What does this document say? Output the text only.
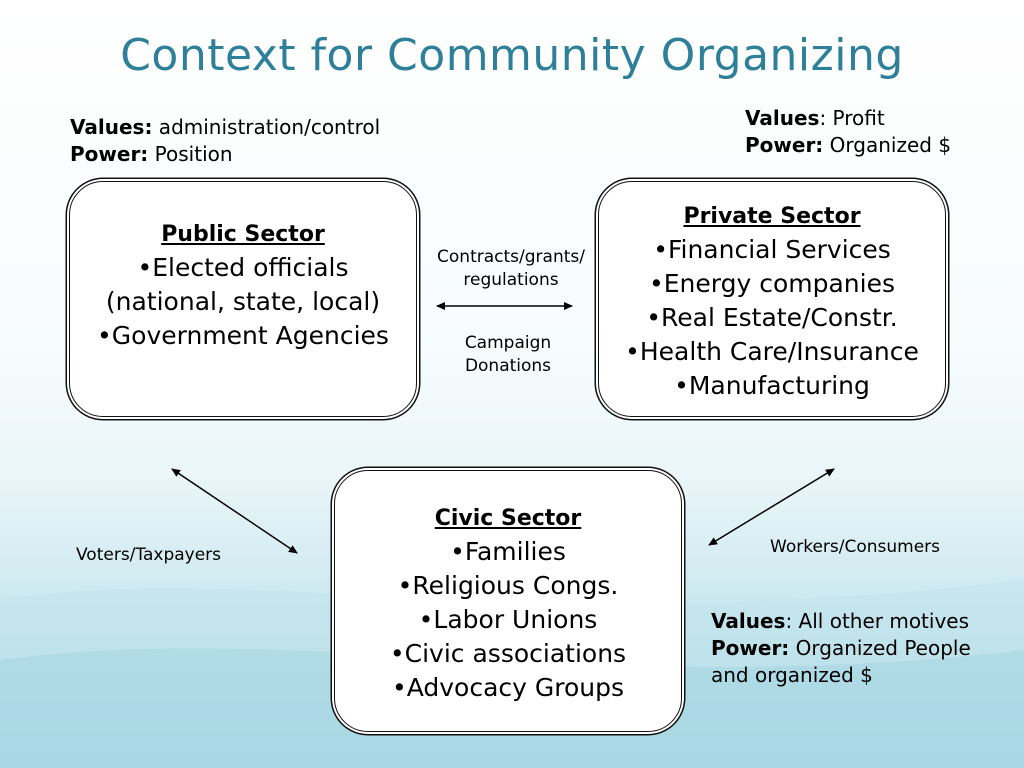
Context for Community Organizing
Values: administration/control
Power: Position
Values: Profit
Power: Organized $
Values: All other motives
Power: Organized People
and organized $
Public Sector
•Elected officials
(national, state, local)
•Government Agencies
Private Sector
•Financial Services
•Energy companies
•Real Estate/Constr.
•Health Care/Insurance
•Manufacturing
Civic Sector
•Families
•Religious Congs.
•Labor Unions
•Civic associations
•Advocacy Groups
Contracts/grants/
regulations
Campaign
Donations
Voters/Taxpayers	Workers/Consumers
